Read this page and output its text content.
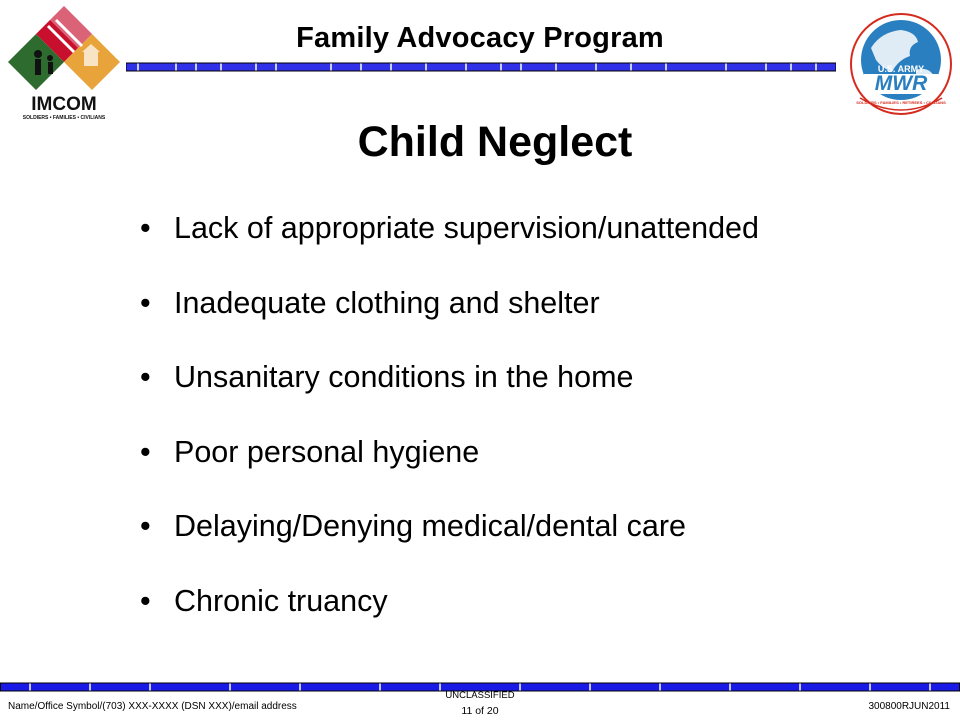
IMCOM
SOLDIERS • FAMILIES • CIVILIANS
Family Advocacy Program
U.S. ARMY
MWR
SOLDIERS • FAMILIES • RETIREES • CIVILIANS
Child Neglect
• Lack of appropriate supervision/unattended
• Inadequate clothing and shelter
• Unsanitary conditions in the home
• Poor personal hygiene
• Delaying/Denying medical/dental care
• Chronic truancy
Name/Office Symbol/(703) XXX-XXXX (DSN XXX)/email address
UNCLASSIFIED
11 of 20	300800RJUN2011
